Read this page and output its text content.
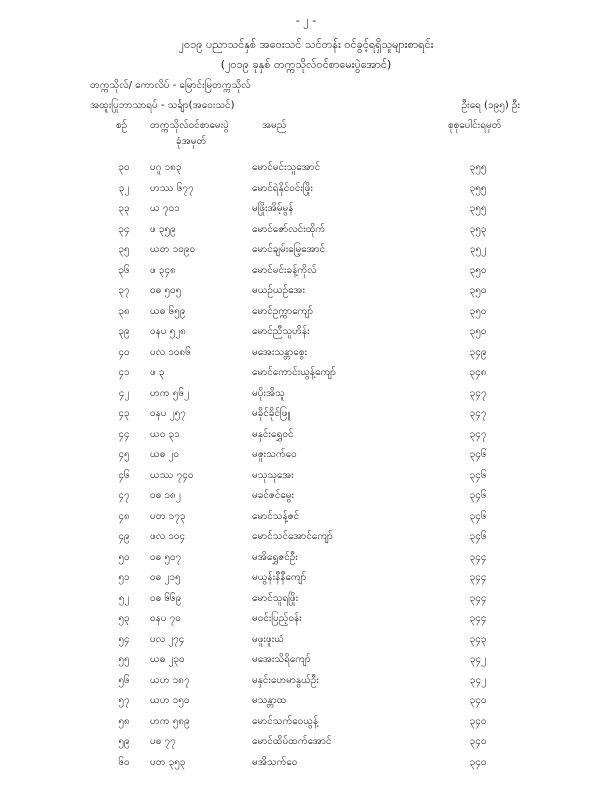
- ၂ -
၂၀၁၉ ပညာသင်နှစ် အဝေးသင် သင်တန်း ဝင်ခွင့်ရရှိသူများစာရင်း
(၂၀၁၉ ခုနှစ် တက္ကသိုလ်ဝင်စာမေးပွဲအောင်)
တက္ကသိုလ်/ ကောလိပ် - မြောင်းမြတက္ကသိုလ်
အထူးပြုဘာသာရပ် - သင်္ချာ(အဝေးသင်)	ဦးရေ (၁၉၅) ဦး
စဉ် တက္ကသိုလ်ဝင်စာမေးပွဲ
ခုံအမှတ်
အမည်	စုစုပေါင်းရမှတ်
၃၀	ပဂူ ၁၈၃	မောင်မင်းသူအောင်	၃၅၅
၃၂	ဟဿ ၆၇၇	မောင်ရဲနိုင်ဝင်းဖြိုး	၃၅၅
၃၃	ယ ၇၀၁	မဖြိုးအိမ့်မွန်	၃၅၅
၃၄	ဖ ၃၅၉	မောင်ဇော်လင်းထိုက်	၃၅၃
၃၅	ယတ ၁၀၉၀	မောင်ချမ်းမြေ့အောင်	၃၅၂
၃၆	ဖ ၃၄၈	မောင်မင်းခန့်ကိုလ်	၃၅၀
၃၇	ဝဓ ၅၀၅	မယဉ်ယဉ်အေး	၃၅၀
၃၈	ယဓ ၆၅၉	မောင်ဥက္ကာကျော်	၃၅၀
၃၉	ဝနပ ၅၂၈	မောင်ညီသူဟိန်း	၃၅၀
၄၀	ပလ ၁၀၈၆	မအေးသန္တာစွေး	၃၄၉
၄၁	ဖ ၃	မောင်ကောင်းယွန့်ကျော်	၃၄၈
၄၂	ဟက ၅၆၂	မပိုးအိသူ	၃၄၇
၄၃	ဝနပ ၂၅၇	မခိုင်ခိုင်ဖြူ	၃၄၇
၄၄	ယဝ ၃၁	မနှင်းရွှေဝင်	၃၄၇
၄၅	ယဓ ၂၀	မဇူးသက်ဝေ	၃၄၆
၄၆	ယဿ ၇၄၀	မသုသုအေး	၃၄၆
၄၇	ဝဓ ၁၈၂	မခင်ဇင်မွေး	၃၄၆
၄၈	ပတ ၁၇၃	မောင်သန့်ဇင်	၃၄၆
၄၉	ဖလ ၁၀၄	မောင်သင်အောင်ကျော်	၃၄၆
၅၀	ဝဓ ၅၀၇	မအိရွှေဇင်ဦး	၃၄၄
၅၁	ဝဓ ၂၁၅	မယွန်းနီနီကျော်	၃၄၄
၅၂	ဝဓ ၆၆၉	မောင်သူရဖြိုး	၃၄၄
၅၃	ဝနပ ၇၀	မဝင်းပြည့်ဝန်း	၃၄၄
၅၄	ပလ ၂၇၄	မဖူးဖူးယံ	၃၄၃
၅၅	ယဓ ၂၃၀	မအေးသိရိကျော်	၃၄၂
၅၆	ယဟ ၁၈၇	မနှင်းဟေမာနွယ်ဦး	၃၄၂
၅၇	ယဟ ၁၅၀	မသန္တာထ	၃၄၀
၅၈	ဟက ၅၈၉	မောင်သက်ဝေယွန့်	၃၄၀
၅၉	ပဓ ၇၇	မောင်ထိပ်ထက်အောင်	၃၄၀
၆၀	ပတ ၃၅၃	မအိသက်ဝေ	၃၄၀
